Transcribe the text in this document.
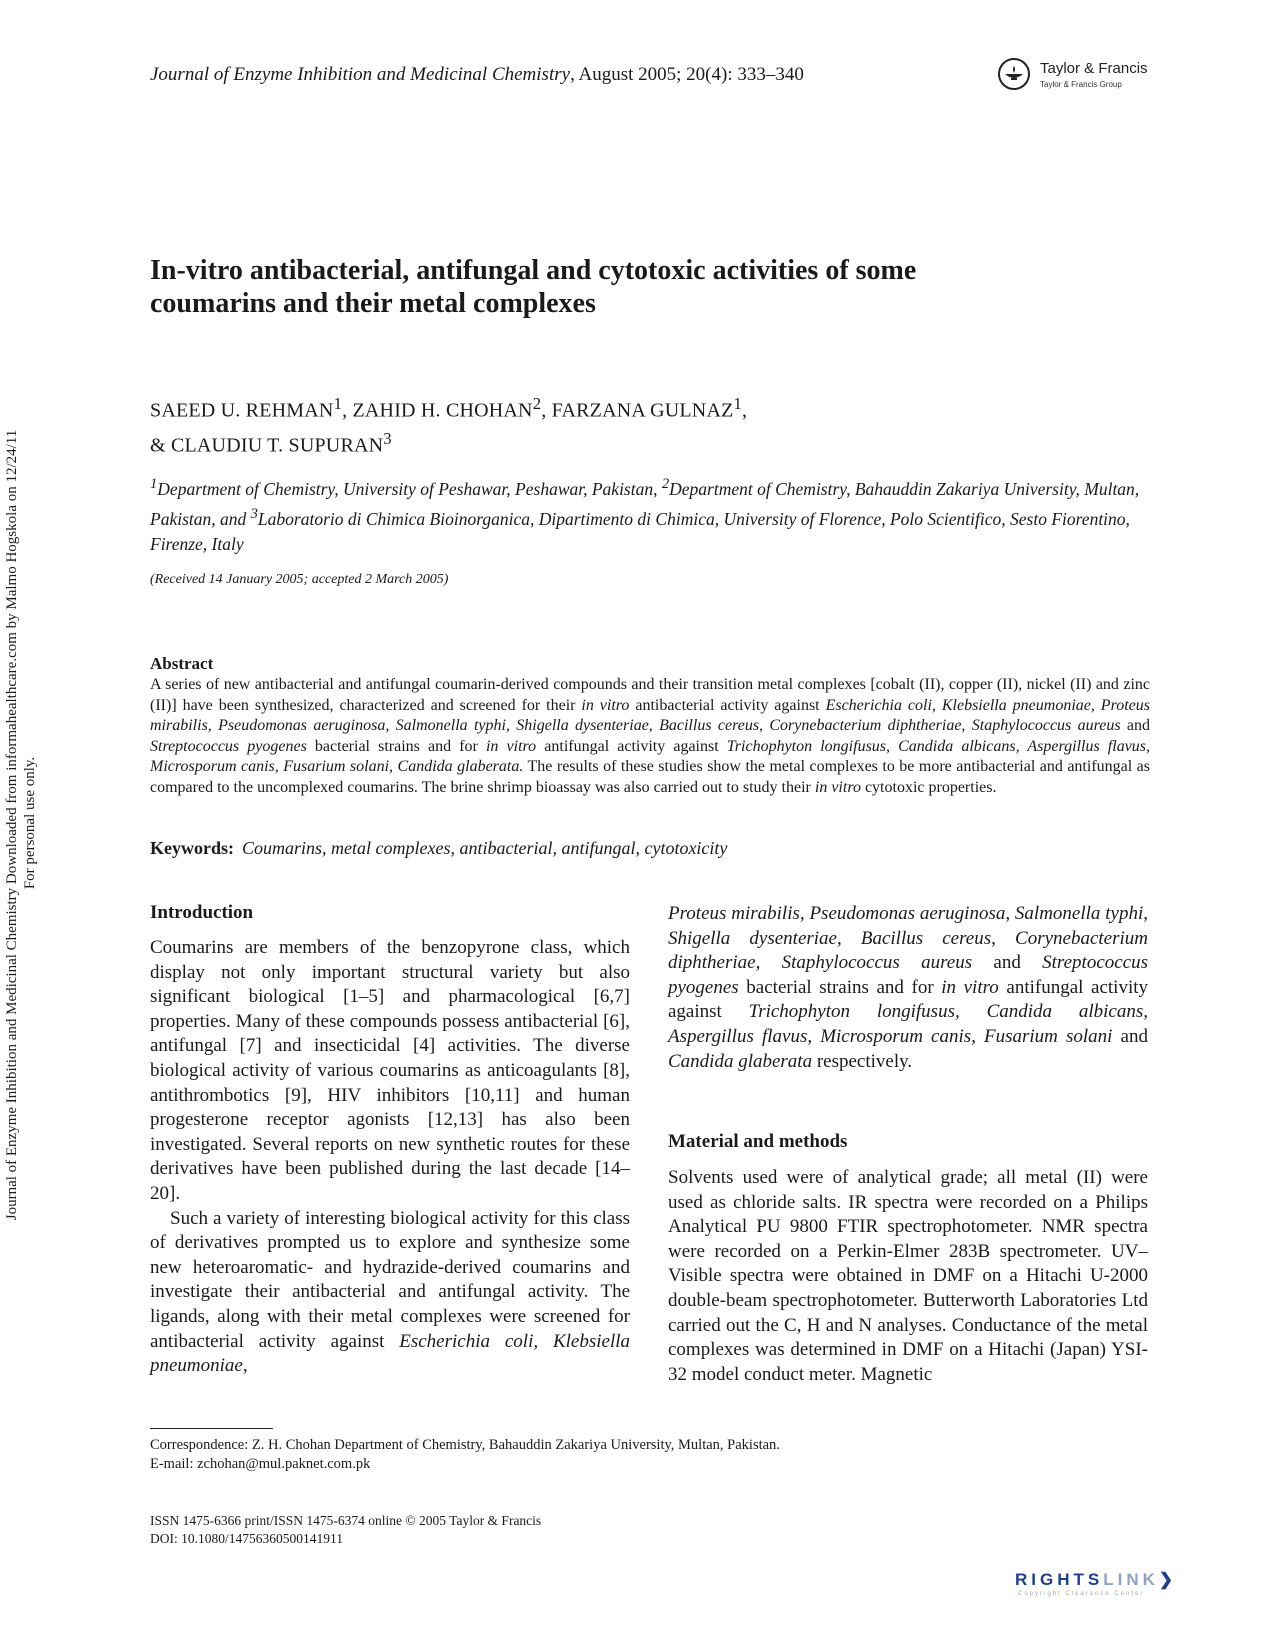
Journal of Enzyme Inhibition and Medicinal Chemistry Downloaded from informahealthcare.com by Malmo Hogskola on 12/24/11 For personal use only.
Journal of Enzyme Inhibition and Medicinal Chemistry, August 2005; 20(4): 333–340	Taylor & Francis
Taylor & Francis Group
In-vitro antibacterial, antifungal and cytotoxic activities of some
coumarins and their metal complexes
SAEED U. REHMAN$^1$, ZAHID H. CHOHAN$^2$, FARZANA GULNAZ$^1$,
& CLAUDIU T. SUPURAN$^3$
$^1$Department of Chemistry, University of Peshawar, Peshawar, Pakistan, $^2$Department of Chemistry, Bahauddin Zakariya University, Multan, Pakistan, and $^3$Laboratorio di Chimica Bioinorganica, Dipartimento di Chimica, University of Florence, Polo Scientifico, Sesto Fiorentino, Firenze, Italy
(Received 14 January 2005; accepted 2 March 2005)
Abstract
A series of new antibacterial and antifungal coumarin-derived compounds and their transition metal complexes [cobalt (II), copper (II), nickel (II) and zinc (II)] have been synthesized, characterized and screened for their in vitro antibacterial activity against Escherichia coli, Klebsiella pneumoniae, Proteus mirabilis, Pseudomonas aeruginosa, Salmonella typhi, Shigella dysenteriae, Bacillus cereus, Corynebacterium diphtheriae, Staphylococcus aureus and Streptococcus pyogenes bacterial strains and for in vitro antifungal activity against Trichophyton longifusus, Candida albicans, Aspergillus flavus, Microsporum canis, Fusarium solani, Candida glaberata. The results of these studies show the metal complexes to be more antibacterial and antifungal as compared to the uncomplexed coumarins. The brine shrimp bioassay was also carried out to study their in vitro cytotoxic properties.
Keywords: Coumarins, metal complexes, antibacterial, antifungal, cytotoxicity
Introduction

Coumarins are members of the benzopyrone class, which display not only important structural variety but also significant biological [1–5] and pharmacological [6,7] properties. Many of these compounds possess antibacterial [6], antifungal [7] and insecticidal [4] activities. The diverse biological activity of various coumarins as anticoagulants [8], antithrombotics [9], HIV inhibitors [10,11] and human progesterone receptor agonists [12,13] has also been investigated. Several reports on new synthetic routes for these derivatives have been published during the last decade [14–20].

Such a variety of interesting biological activity for this class of derivatives prompted us to explore and synthesize some new heteroaromatic- and hydrazide-derived coumarins and investigate their antibacterial and antifungal activity. The ligands, along with their metal complexes were screened for antibacterial activity against Escherichia coli, Klebsiella pneumoniae,

Proteus mirabilis, Pseudomonas aeruginosa, Salmonella typhi, Shigella dysenteriae, Bacillus cereus, Corynebacterium diphtheriae, Staphylococcus aureus and Streptococcus pyogenes bacterial strains and for in vitro antifungal activity against Trichophyton longifusus, Candida albicans, Aspergillus flavus, Microsporum canis, Fusarium solani and Candida glaberata respectively.
Material and methods
Solvents used were of analytical grade; all metal (II) were used as chloride salts. IR spectra were recorded on a Philips Analytical PU 9800 FTIR spectrophotometer. NMR spectra were recorded on a Perkin-Elmer 283B spectrometer. UV–Visible spectra were obtained in DMF on a Hitachi U-2000 double-beam spectrophotometer. Butterworth Laboratories Ltd carried out the C, H and N analyses. Conductance of the metal complexes was determined in DMF on a Hitachi (Japan) YSI-32 model conduct meter. Magnetic
Correspondence: Z. H. Chohan Department of Chemistry, Bahauddin Zakariya University, Multan, Pakistan.
E-mail: zchohan@mul.paknet.com.pk
ISSN 1475-6366 print/ISSN 1475-6374 online © 2005 Taylor & Francis
DOI: 10.1080/14756360500141911
RIGHTSLINK❯
Copyright Clearance Center
